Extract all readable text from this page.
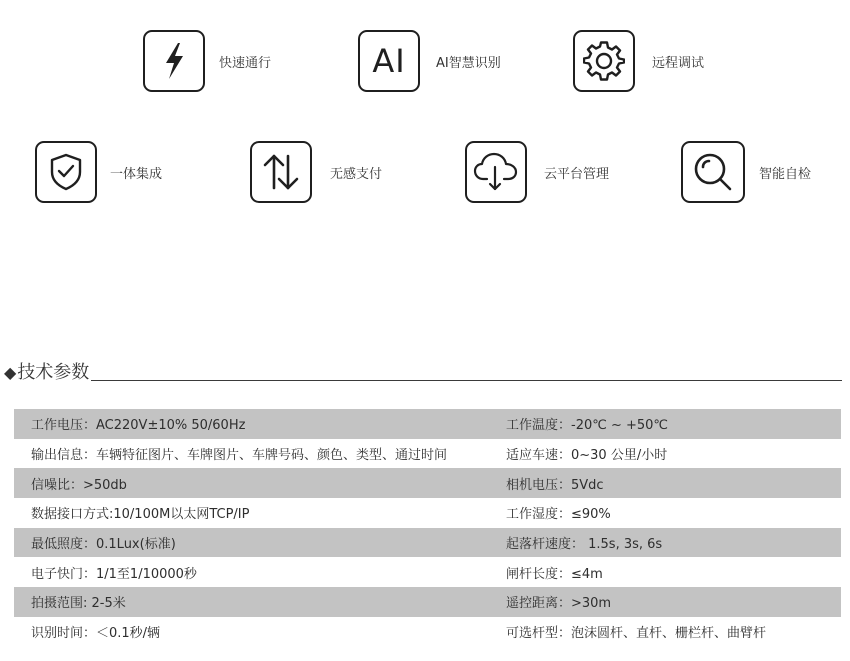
快速通行	AI AI智慧识别	远程调试
一体集成	无感支付	云平台管理	智能自检
◆ 技术参数
工作电压：AC220V±10% 50/60Hz	工作温度：-20℃ ~ +50℃
输出信息：车辆特征图片、车牌图片、车牌号码、颜色、类型、通过时间	适应车速：0~30 公里/小时
信噪比：>50db	相机电压：5Vdc
数据接口方式:10/100M以太网TCP/IP	工作湿度：≤90%
最低照度：0.1Lux(标准)	起落杆速度： 1.5s, 3s, 6s
电子快门：1/1至1/10000秒	闸杆长度：≤4m
拍摄范围: 2-5米	遥控距离：>30m
识别时间：＜0.1秒/辆	可选杆型：泡沫圆杆、直杆、栅栏杆、曲臂杆
